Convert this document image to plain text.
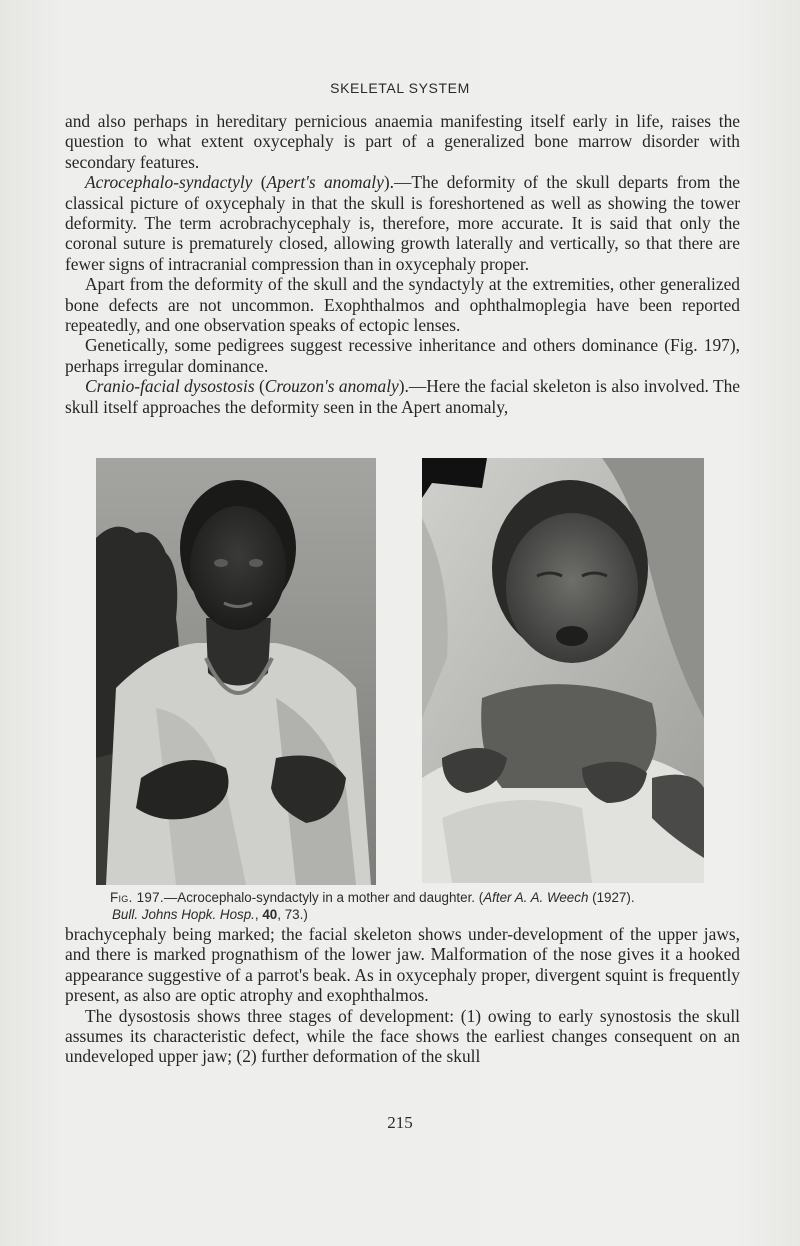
SKELETAL SYSTEM

and also perhaps in hereditary pernicious anaemia manifesting itself early in life, raises the question to what extent oxycephaly is part of a generalized bone marrow disorder with secondary features.

Acrocephalo-syndactyly (Apert's anomaly).—The deformity of the skull departs from the classical picture of oxycephaly in that the skull is foreshortened as well as showing the tower deformity. The term acrobrachycephaly is, therefore, more accurate. It is said that only the coronal suture is prematurely closed, allowing growth laterally and vertically, so that there are fewer signs of intracranial compression than in oxycephaly proper.

Apart from the deformity of the skull and the syndactyly at the extremities, other generalized bone defects are not uncommon. Exophthalmos and ophthalmoplegia have been reported repeatedly, and one observation speaks of ectopic lenses.

Genetically, some pedigrees suggest recessive inheritance and others dominance (Fig. 197), perhaps irregular dominance.

Cranio-facial dysostosis (Crouzon's anomaly).—Here the facial skeleton is also involved. The skull itself approaches the deformity seen in the Apert anomaly,

Fig. 197.—Acrocephalo-syndactyly in a mother and daughter. (After A. A. Weech (1927).
Bull. Johns Hopk. Hosp., 40, 73.)

brachycephaly being marked; the facial skeleton shows under-development of the upper jaws, and there is marked prognathism of the lower jaw. Malformation of the nose gives it a hooked appearance suggestive of a parrot's beak. As in oxycephaly proper, divergent squint is frequently present, as also are optic atrophy and exophthalmos.

The dysostosis shows three stages of development: (1) owing to early synostosis the skull assumes its characteristic defect, while the face shows the earliest changes consequent on an undeveloped upper jaw; (2) further deformation of the skull

215
